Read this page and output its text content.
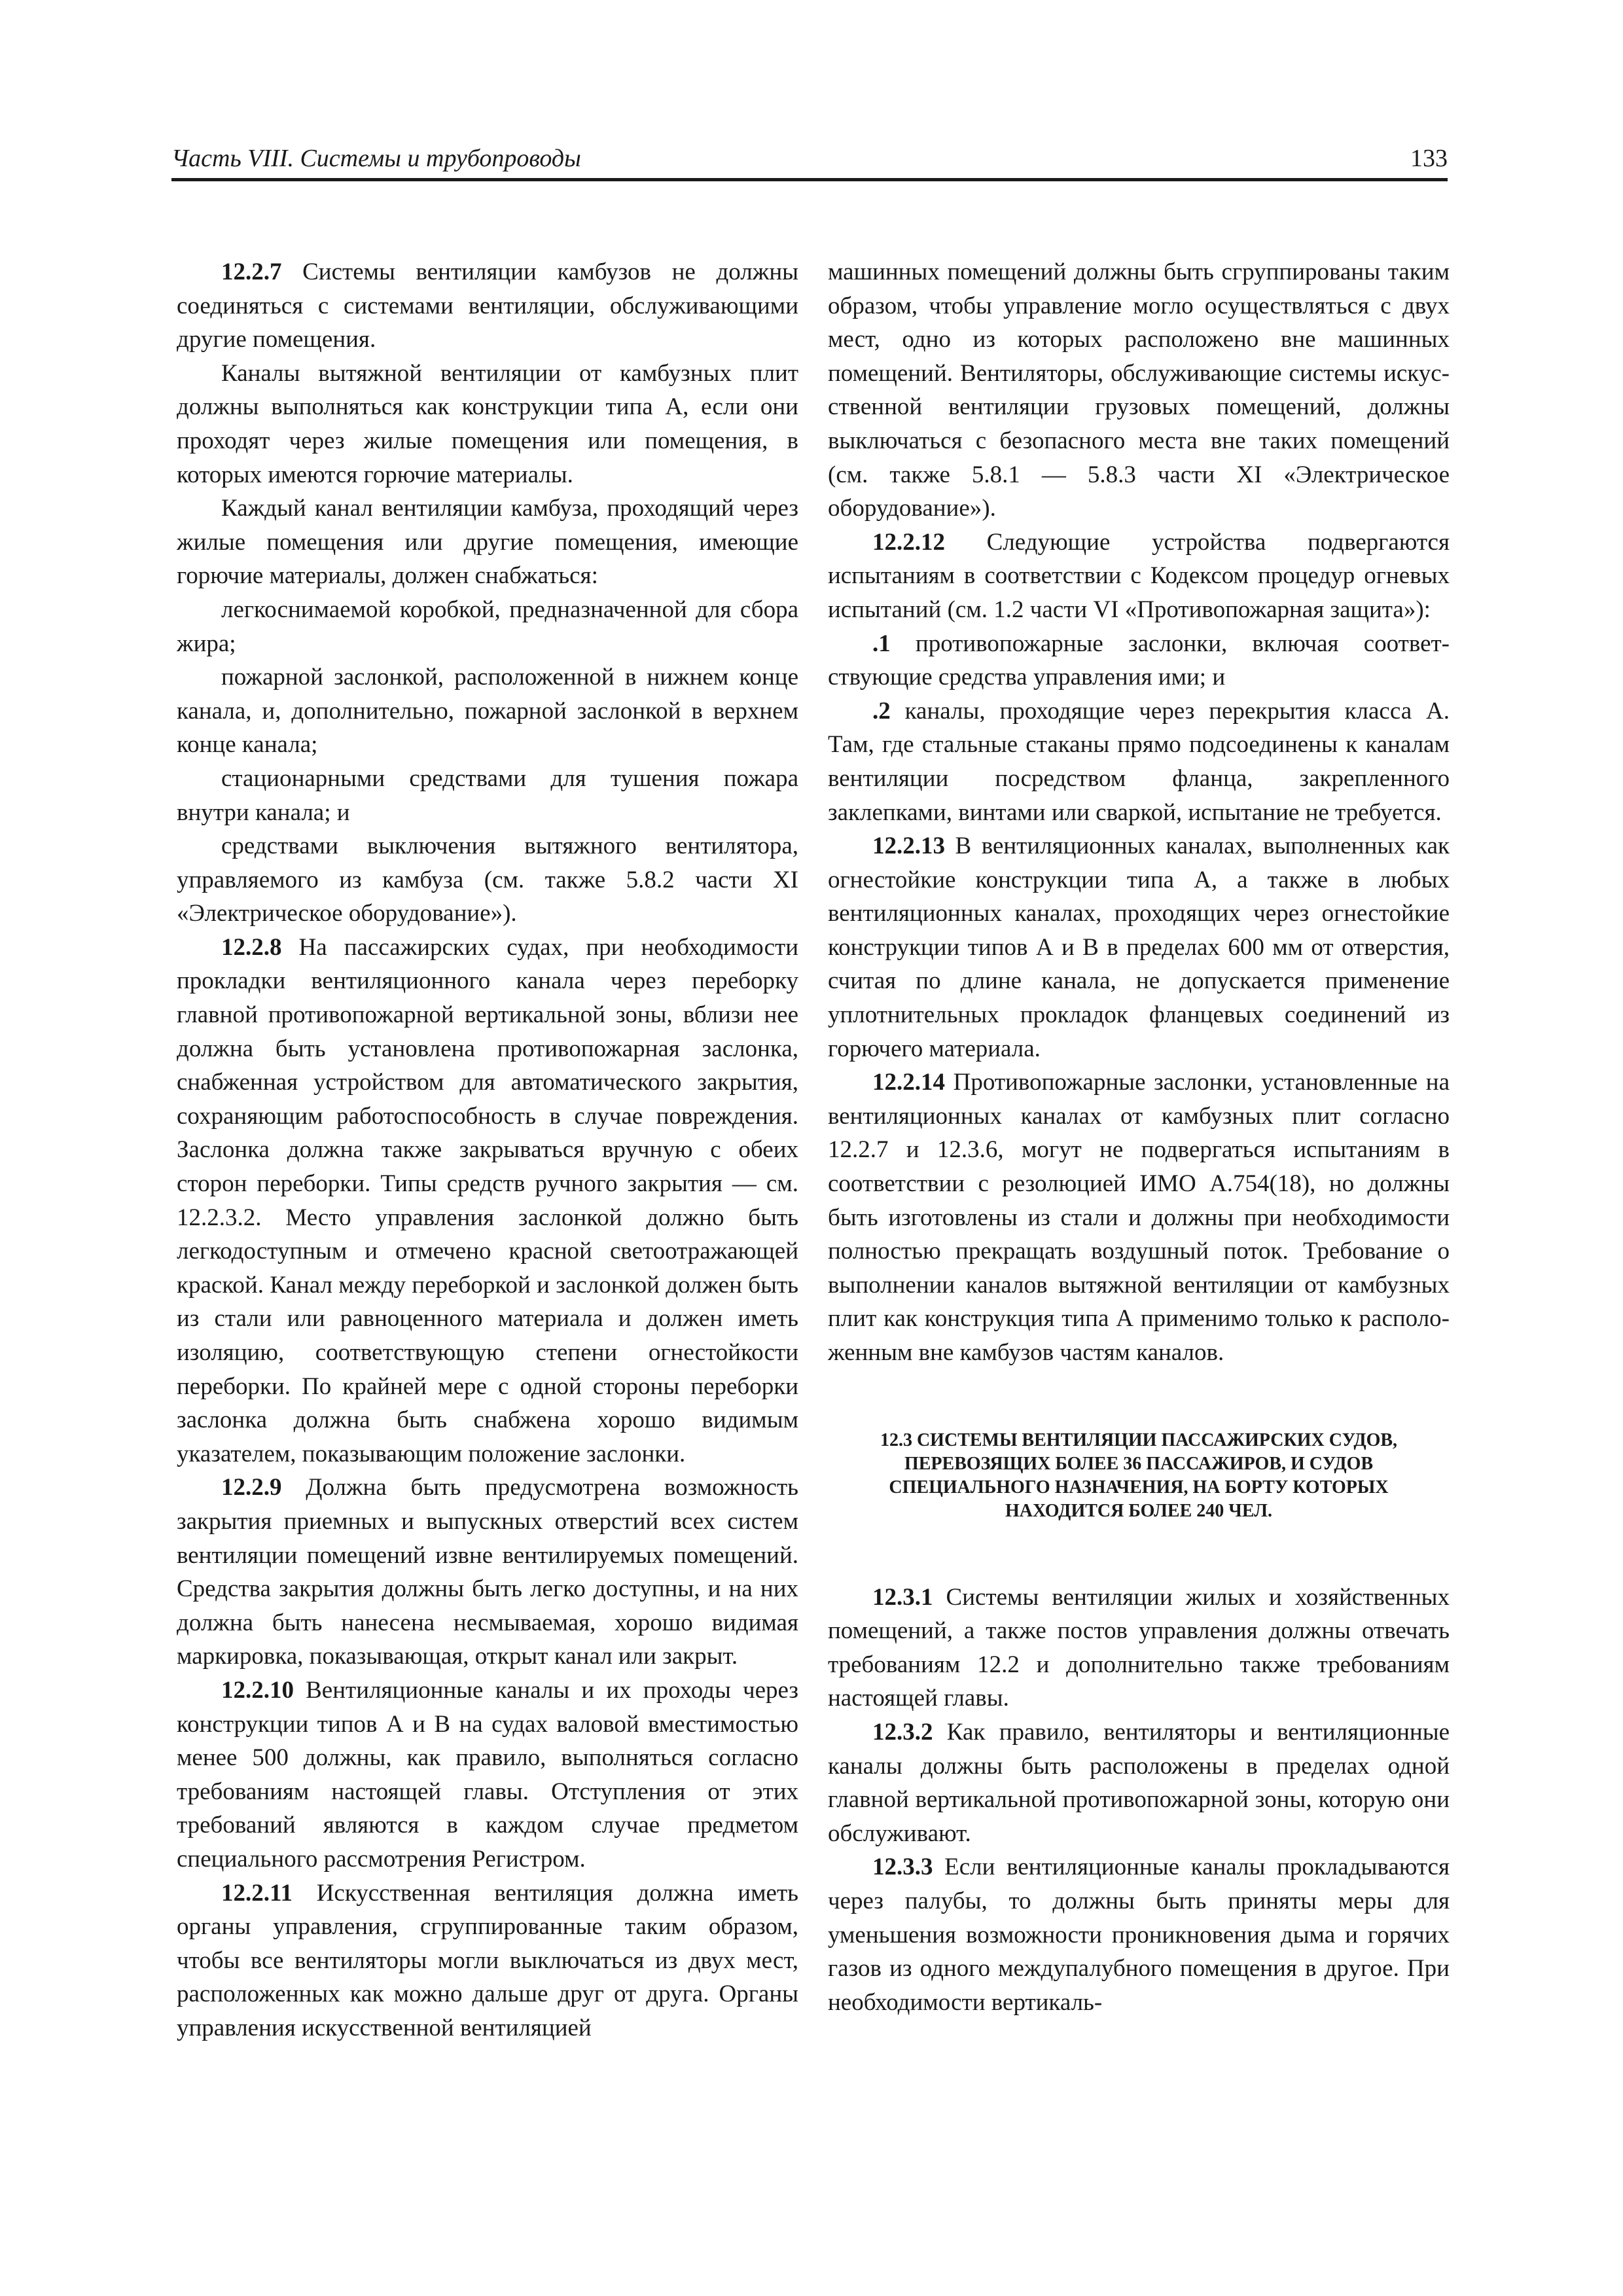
Часть VIII. Системы и трубопроводы	133

12.2.7 Системы вентиляции камбузов не должны соединяться с системами вентиляции, обслуживающими другие помещения.

Каналы вытяжной вентиляции от камбузных плит должны выполняться как конструкции типа А, если они проходят через жилые помещения или помещения, в которых имеются горючие материалы.

Каждый канал вентиляции камбуза, проходящий через жилые помещения или другие помещения, имеющие горючие материалы, должен снабжаться:

легкоснимаемой коробкой, предназначенной для сбора жира;

пожарной заслонкой, расположенной в нижнем конце канала, и, дополнительно, пожарной заслонкой в верхнем конце канала;

стационарными средствами для тушения пожара внутри канала; и

средствами выключения вытяжного вентилятора, управляемого из камбуза (см. также 5.8.2 части XI «Электрическое оборудование»).

12.2.8 На пассажирских судах, при необходимости прокладки вентиляционного канала через переборку главной противопожарной вертикальной зоны, вблизи нее должна быть установлена противопожарная заслонка, снабженная устройством для автоматического закрытия, сохраняющим работоспособность в случае повреждения. Заслонка должна также закрываться вручную с обеих сторон переборки. Типы средств ручного закрытия — см. 12.2.3.2. Место управления заслонкой должно быть легкодоступным и отмечено красной светоотражающей краской. Канал между переборкой и заслонкой должен быть из стали или равноценного материала и должен иметь изоляцию, соответствующую степени огнестойкости переборки. По крайней мере с одной стороны переборки заслонка должна быть снабжена хорошо видимым указателем, показывающим положение заслонки.

12.2.9 Должна быть предусмотрена возможность закрытия приемных и выпускных отверстий всех систем вентиляции помещений извне вентилируемых помещений. Средства закрытия должны быть легко доступны, и на них должна быть нанесена несмываемая, хорошо видимая маркировка, показывающая, открыт канал или закрыт.

12.2.10 Вентиляционные каналы и их проходы через конструкции типов А и В на судах валовой вместимостью менее 500 должны, как правило, выполняться согласно требованиям настоящей главы. Отступления от этих требований являются в каждом случае предметом специального рассмотрения Регистром.

12.2.11 Искусственная вентиляция должна иметь органы управления, сгруппированные таким образом, чтобы все вентиляторы могли выключаться из двух мест, расположенных как можно дальше друг от друга. Органы управления искусственной вентиляцией

машинных помещений должны быть сгруппированы таким образом, чтобы управление могло осуществляться с двух мест, одно из которых расположено вне машинных помещений. Вентиляторы, обслуживающие системы искусственной вентиляции грузовых помещений, должны выключаться с безопасного места вне таких помещений (см. также 5.8.1 — 5.8.3 части XI «Электрическое оборудование»).

12.2.12 Следующие устройства подвергаются испытаниям в соответствии с Кодексом процедур огневых испытаний (см. 1.2 части VI «Противопожарная защита»):

.1 противопожарные заслонки, включая соответствующие средства управления ими; и

.2 каналы, проходящие через перекрытия класса А. Там, где стальные стаканы прямо подсоединены к каналам вентиляции посредством фланца, закрепленного заклепками, винтами или сваркой, испытание не требуется.

12.2.13 В вентиляционных каналах, выполненных как огнестойкие конструкции типа А, а также в любых вентиляционных каналах, проходящих через огнестойкие конструкции типов А и В в пределах 600 мм от отверстия, считая по длине канала, не допускается применение уплотнительных прокладок фланцевых соединений из горючего материала.

12.2.14 Противопожарные заслонки, установленные на вентиляционных каналах от камбузных плит согласно 12.2.7 и 12.3.6, могут не подвергаться испытаниям в соответствии с резолюцией ИМО А.754(18), но должны быть изготовлены из стали и должны при необходимости полностью прекращать воздушный поток. Требование о выполнении каналов вытяжной вентиляции от камбузных плит как конструкция типа А применимо только к расположенным вне камбузов частям каналов.

12.3 СИСТЕМЫ ВЕНТИЛЯЦИИ ПАССАЖИРСКИХ СУДОВ, ПЕРЕВОЗЯЩИХ БОЛЕЕ 36 ПАССАЖИРОВ, И СУДОВ СПЕЦИАЛЬНОГО НАЗНАЧЕНИЯ, НА БОРТУ КОТОРЫХ НАХОДИТСЯ БОЛЕЕ 240 ЧЕЛ.

12.3.1 Системы вентиляции жилых и хозяйственных помещений, а также постов управления должны отвечать требованиям 12.2 и дополнительно также требованиям настоящей главы.

12.3.2 Как правило, вентиляторы и вентиляционные каналы должны быть расположены в пределах одной главной вертикальной противопожарной зоны, которую они обслуживают.

12.3.3 Если вентиляционные каналы прокладываются через палубы, то должны быть приняты меры для уменьшения возможности проникновения дыма и горячих газов из одного междупалубного помещения в другое. При необходимости вертикаль-
